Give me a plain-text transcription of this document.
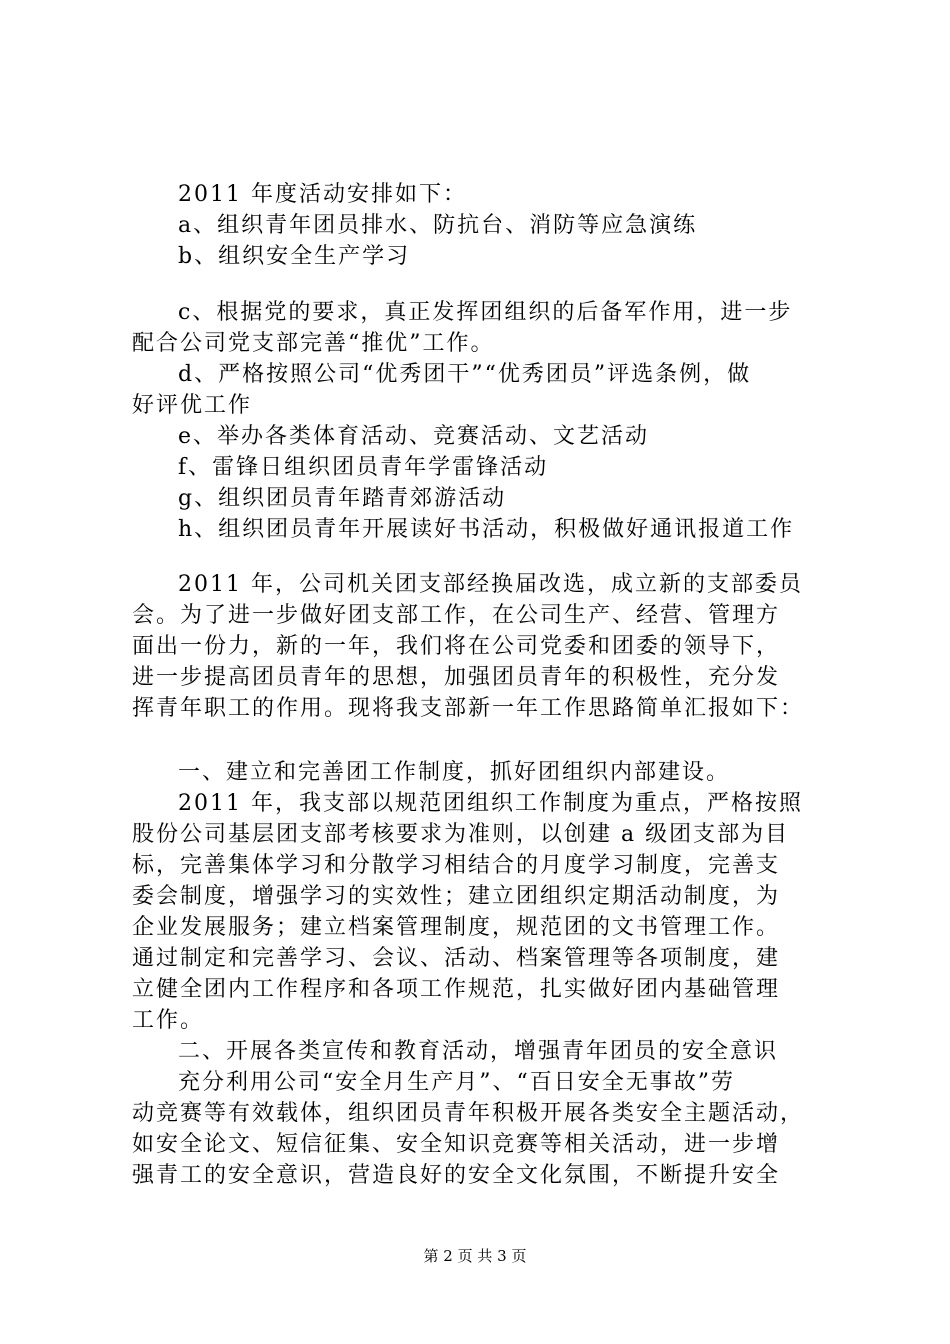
2011 年度活动安排如下：
a、组织青年团员排水、防抗台、消防等应急演练
b、组织安全生产学习
c、根据党的要求，真正发挥团组织的后备军作用，进一步
配合公司党支部完善“推优”工作。
d、严格按照公司“优秀团干”“优秀团员”评选条例，做
好评优工作
e、举办各类体育活动、竞赛活动、文艺活动
f、雷锋日组织团员青年学雷锋活动
g、组织团员青年踏青郊游活动
h、组织团员青年开展读好书活动，积极做好通讯报道工作
2011 年，公司机关团支部经换届改选，成立新的支部委员
会。为了进一步做好团支部工作，在公司生产、经营、管理方
面出一份力，新的一年，我们将在公司党委和团委的领导下，
进一步提高团员青年的思想，加强团员青年的积极性，充分发
挥青年职工的作用。现将我支部新一年工作思路简单汇报如下：
一、建立和完善团工作制度，抓好团组织内部建设。
2011 年，我支部以规范团组织工作制度为重点，严格按照
股份公司基层团支部考核要求为准则，以创建 a 级团支部为目
标，完善集体学习和分散学习相结合的月度学习制度，完善支
委会制度，增强学习的实效性；建立团组织定期活动制度，为
企业发展服务；建立档案管理制度，规范团的文书管理工作。
通过制定和完善学习、会议、活动、档案管理等各项制度，建
立健全团内工作程序和各项工作规范，扎实做好团内基础管理
工作。
二、开展各类宣传和教育活动，增强青年团员的安全意识
充分利用公司“安全月生产月”、“百日安全无事故”劳
动竞赛等有效载体，组织团员青年积极开展各类安全主题活动，
如安全论文、短信征集、安全知识竞赛等相关活动，进一步增
强青工的安全意识，营造良好的安全文化氛围，不断提升安全
第 2 页 共 3 页
